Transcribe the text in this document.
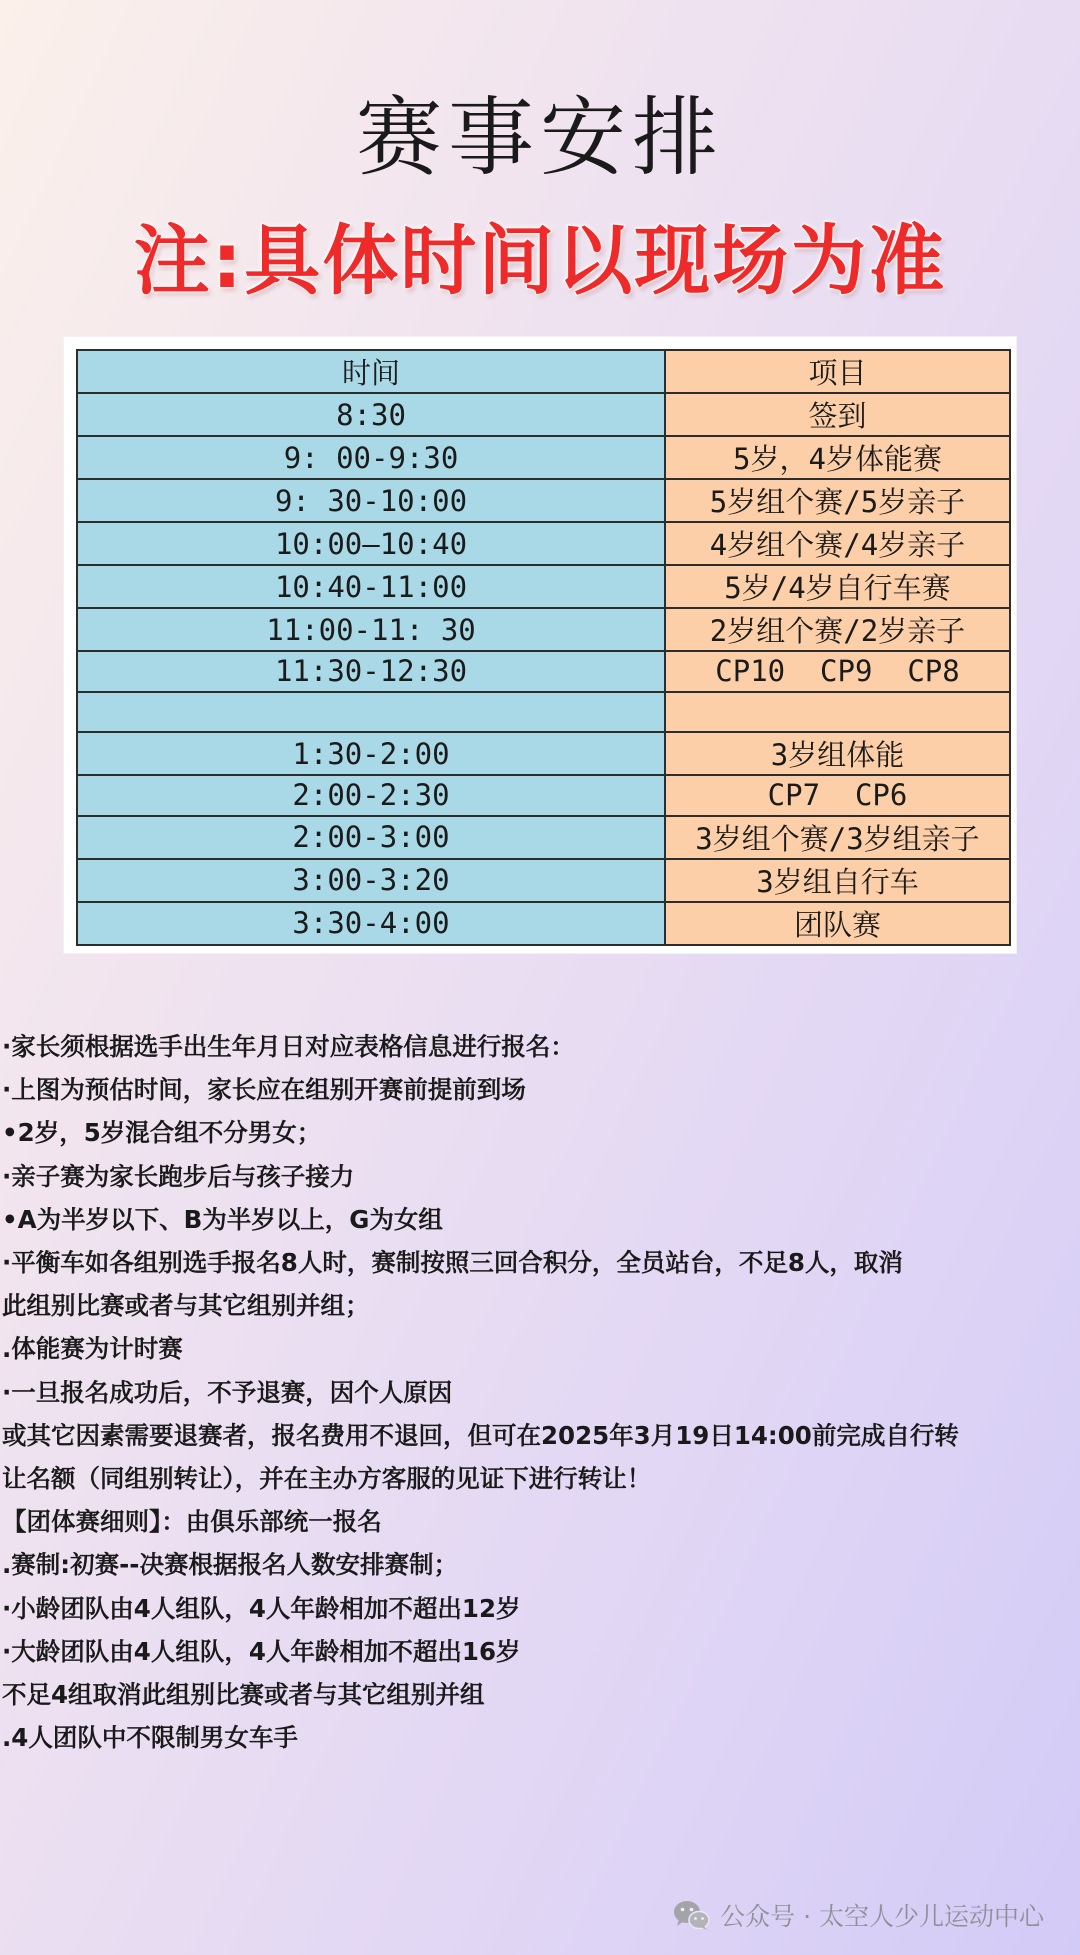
赛事安排
注:具体时间以现场为准
时间	项目
8:30	签到
9: 00-9:30	5岁，4岁体能赛
9: 30-10:00	5岁组个赛/5岁亲子
10:00—10:40	4岁组个赛/4岁亲子
10:40-11:00	5岁/4岁自行车赛
11:00-11: 30	2岁组个赛/2岁亲子
11:30-12:30	CP10  CP9  CP8

1:30-2:00	3岁组体能
2:00-2:30	CP7  CP6
2:00-3:00	3岁组个赛/3岁组亲子
3:00-3:20	3岁组自行车
3:30-4:00	团队赛
·家长须根据选手出生年月日对应表格信息进行报名：
·上图为预估时间，家长应在组别开赛前提前到场
•2岁，5岁混合组不分男女；
·亲子赛为家长跑步后与孩子接力
•A为半岁以下、B为半岁以上，G为女组
·平衡车如各组别选手报名8人时，赛制按照三回合积分，全员站台，不足8人，取消
此组别比赛或者与其它组别并组；
.体能赛为计时赛
·一旦报名成功后，不予退赛，因个人原因
或其它因素需要退赛者，报名费用不退回，但可在2025年3月19日14:00前完成自行转
让名额（同组别转让），并在主办方客服的见证下进行转让！
【团体赛细则】：由俱乐部统一报名
.赛制:初赛--决赛根据报名人数安排赛制；
·小龄团队由4人组队，4人年龄相加不超出12岁
·大龄团队由4人组队，4人年龄相加不超出16岁
不足4组取消此组别比赛或者与其它组别并组
.4人团队中不限制男女车手
公众号 · 太空人少儿运动中心
